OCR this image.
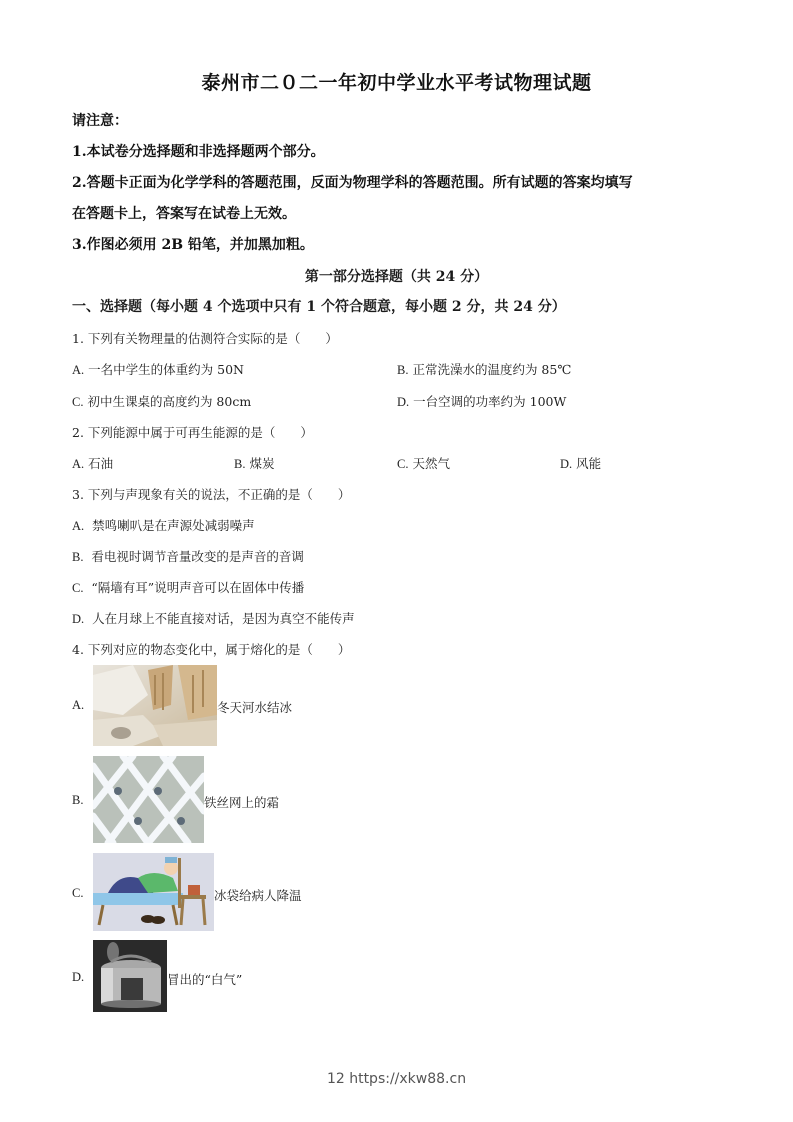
泰州市二０二一年初中学业水平考试物理试题
请注意：
1.本试卷分选择题和非选择题两个部分。
2.答题卡正面为化学学科的答题范围，反面为物理学科的答题范围。所有试题的答案均填写
在答题卡上，答案写在试卷上无效。
3.作图必须用 2B 铅笔，并加黑加粗。
第一部分选择题（共 24 分）
一、选择题（每小题 4 个选项中只有 1 个符合题意，每小题 2 分，共 24 分）
1. 下列有关物理量的估测符合实际的是（　　）
A. 一名中学生的体重约为 50N	B. 正常洗澡水的温度约为 85℃
C. 初中生课桌的高度约为 80cm	D. 一台空调的功率约为 100W
2. 下列能源中属于可再生能源的是（　　）
A. 石油	B. 煤炭	C. 天然气	D. 风能
3. 下列与声现象有关的说法，不正确的是（　　）
A. 禁鸣喇叭是在声源处减弱噪声
B. 看电视时调节音量改变的是声音的音调
C. “隔墙有耳”说明声音可以在固体中传播
D. 人在月球上不能直接对话，是因为真空不能传声
4. 下列对应的物态变化中，属于熔化的是（　　）
A.	冬天河水结冰
B.	铁丝网上的霜
C.	冰袋给病人降温
D.	冒出的“白气”
12 https://xkw88.cn
